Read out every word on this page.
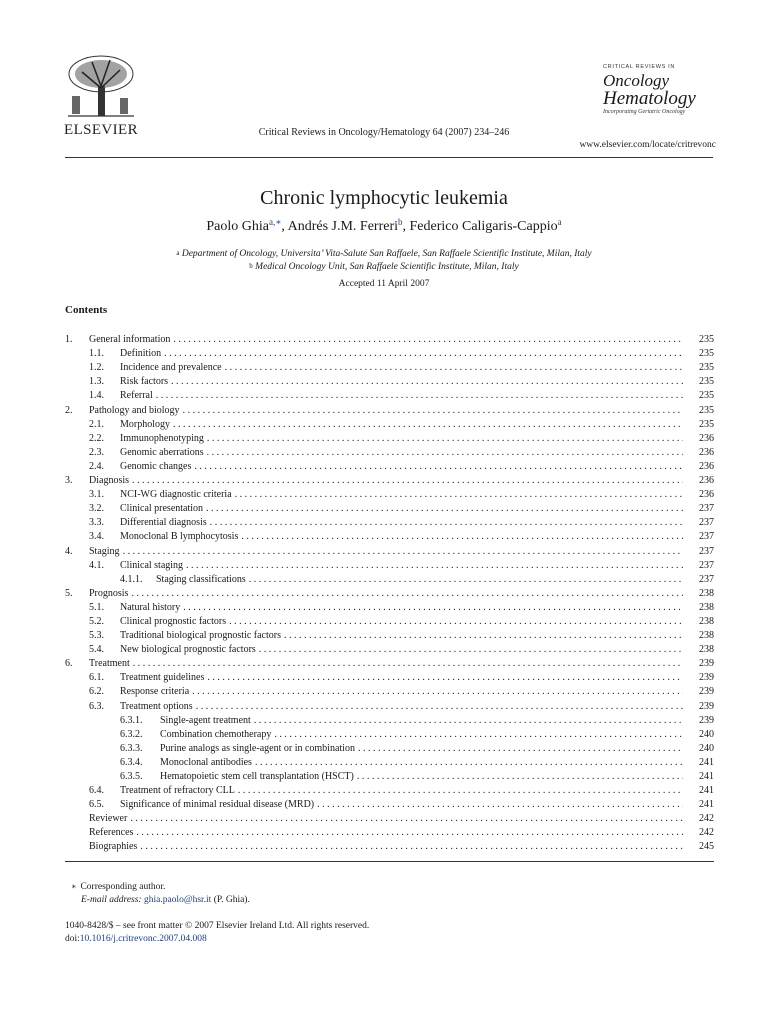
ELSEVIER	Critical Reviews in Oncology/Hematology 64 (2007) 234–246
CRITICAL REVIEWS IN
Oncology
Hematology
Incorporating Geriatric Oncology
www.elsevier.com/locate/critrevonc
Chronic lymphocytic leukemia
Paolo Ghia$^{a,∗}$, Andrés J.M. Ferreri$^b$, Federico Caligaris-Cappio$^a$
$^a$ Department of Oncology, Universita’ Vita-Salute San Raffaele, San Raffaele Scientific Institute, Milan, Italy
$^b$ Medical Oncology Unit, San Raffaele Scientific Institute, Milan, Italy
Accepted 11 April 2007
Contents
1.	General information . . .	235
1.1.	Definition . . .	235
1.2.	Incidence and prevalence . . .	235
1.3.	Risk factors . . .	235
1.4.	Referral . . .	235
2.	Pathology and biology . . .	235
2.1.	Morphology . . .	235
2.2.	Immunophenotyping . . .	236
2.3.	Genomic aberrations . . .	236
2.4.	Genomic changes . . .	236
3.	Diagnosis . . .	236
3.1.	NCI-WG diagnostic criteria . . .	236
3.2.	Clinical presentation . . .	237
3.3.	Differential diagnosis . . .	237
3.4.	Monoclonal B lymphocytosis . . .	237
4.	Staging . . .	237
4.1.	Clinical staging . . .	237
4.1.1.	Staging classifications . . .	237
5.	Prognosis . . .	238
5.1.	Natural history . . .	238
5.2.	Clinical prognostic factors . . .	238
5.3.	Traditional biological prognostic factors . . .	238
5.4.	New biological prognostic factors . . .	238
6.	Treatment . . .	239
6.1.	Treatment guidelines . . .	239
6.2.	Response criteria . . .	239
6.3.	Treatment options . . .	239
6.3.1.	Single-agent treatment . . .	239
6.3.2.	Combination chemotherapy . . .	240
6.3.3.	Purine analogs as single-agent or in combination . . .	240
6.3.4.	Monoclonal antibodies . . .	241
6.3.5.	Hematopoietic stem cell transplantation (HSCT) . . .	241
6.4.	Treatment of refractory CLL . . .	241
6.5.	Significance of minimal residual disease (MRD) . . .	241
Reviewer . . .	242
References . . .	242
Biographies . . .	245
∗ Corresponding author.
E-mail address: ghia.paolo@hsr.it (P. Ghia).
1040-8428/$ – see front matter © 2007 Elsevier Ireland Ltd. All rights reserved.
doi:10.1016/j.critrevonc.2007.04.008
